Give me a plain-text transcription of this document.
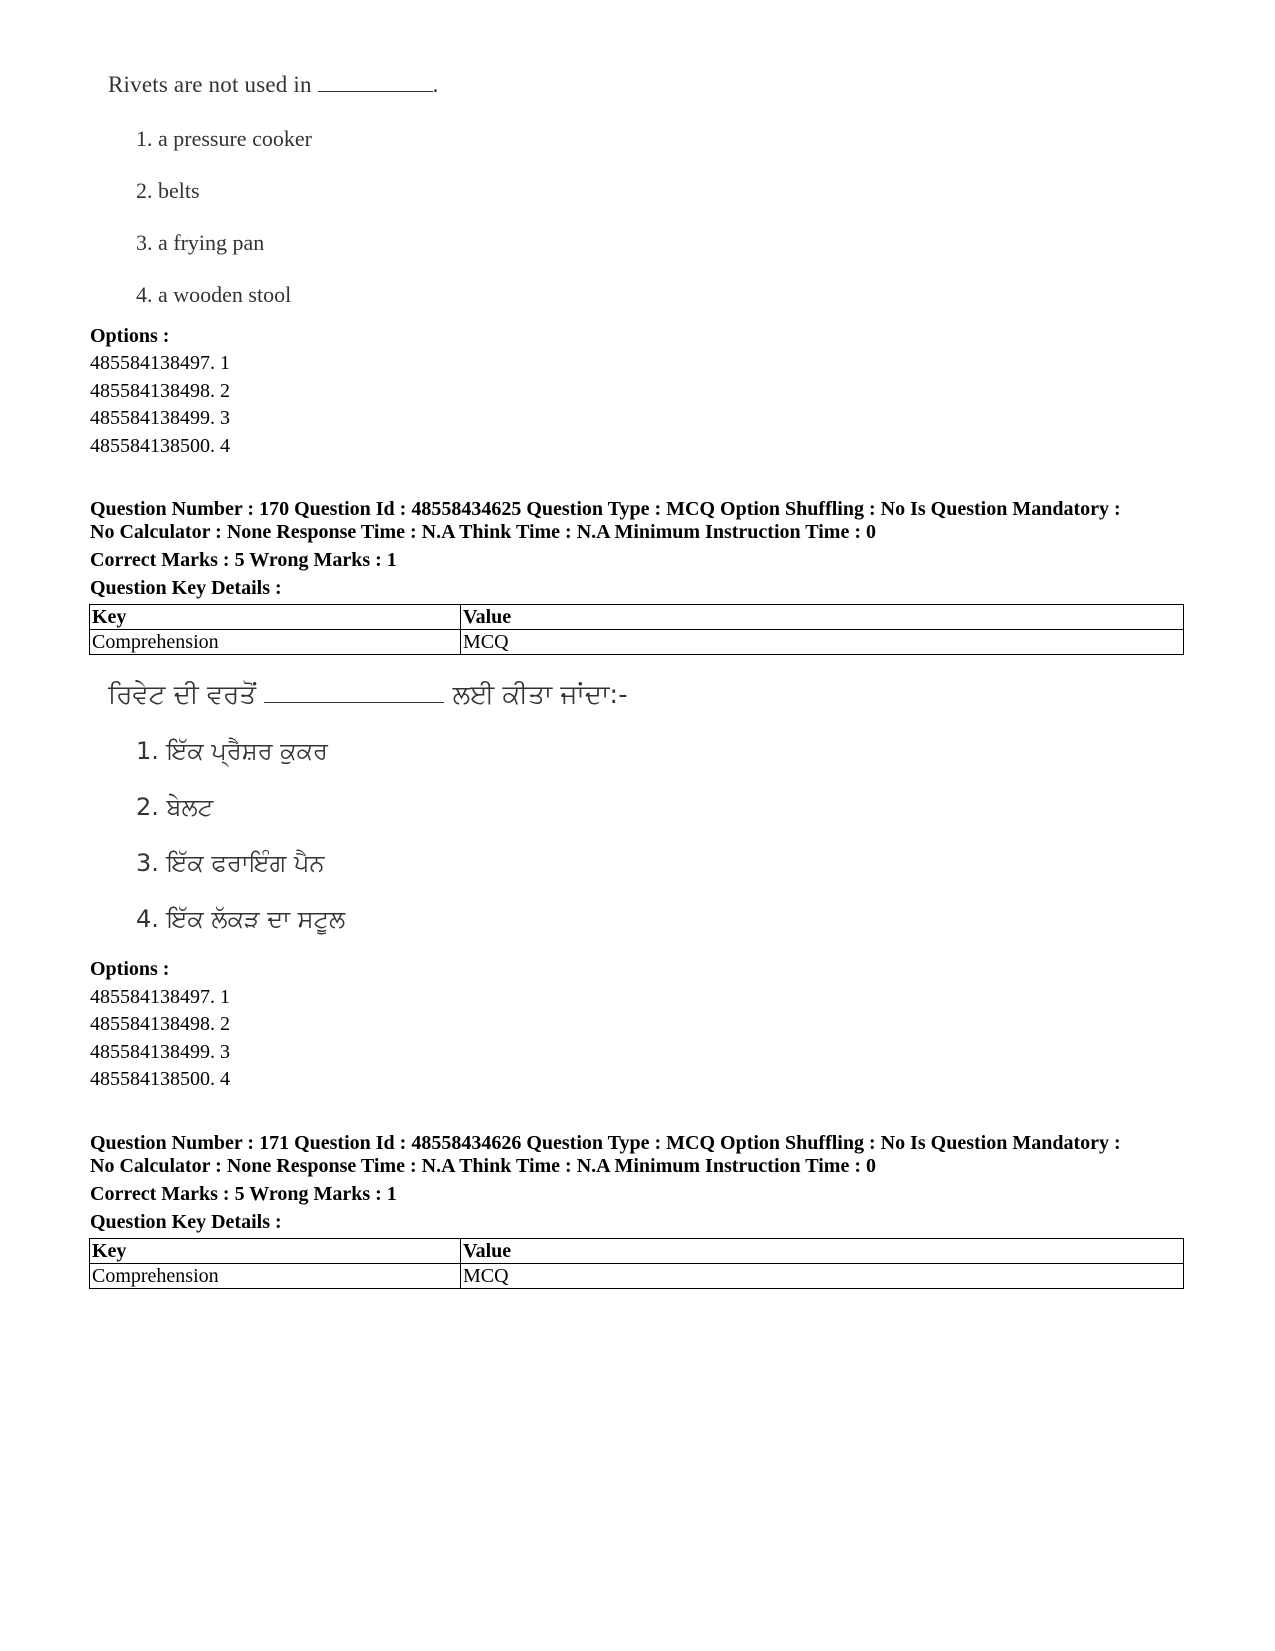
Rivets are not used in	.
1. a pressure cooker
2. belts
3. a frying pan
4. a wooden stool
Options :
485584138497. 1
485584138498. 2
485584138499. 3
485584138500. 4
Question Number : 170 Question Id : 48558434625 Question Type : MCQ Option Shuffling : No Is Question Mandatory :
No Calculator : None Response Time : N.A Think Time : N.A Minimum Instruction Time : 0
Correct Marks : 5 Wrong Marks : 1
Question Key Details :
Key	Value
Comprehension	MCQ
ਰਿਵੇਟ ਦੀ ਵਰਤੋਂ	ਲਈ ਕੀਤਾ ਜਾਂਦਾ:-
1. ਇੱਕ ਪ੍ਰੈਸ਼ਰ ਕੁਕਰ
2. ਬੇਲਟ
3. ਇੱਕ ਫਰਾਇੰਗ ਪੈਨ
4. ਇੱਕ ਲੱਕੜ ਦਾ ਸਟੂਲ
Options :
485584138497. 1
485584138498. 2
485584138499. 3
485584138500. 4
Question Number : 171 Question Id : 48558434626 Question Type : MCQ Option Shuffling : No Is Question Mandatory :
No Calculator : None Response Time : N.A Think Time : N.A Minimum Instruction Time : 0
Correct Marks : 5 Wrong Marks : 1
Question Key Details :
Key	Value
Comprehension	MCQ
